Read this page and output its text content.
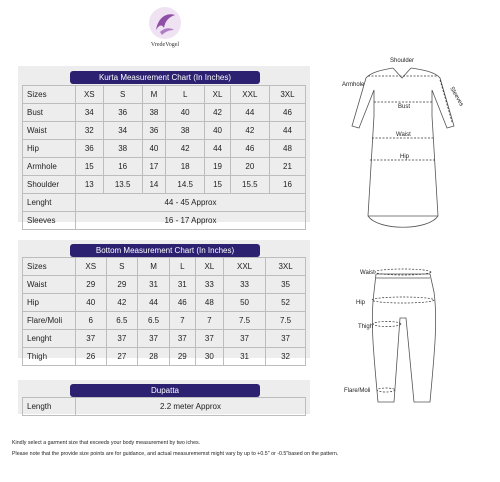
VredeVogel
Kurta Measurement Chart (In Inches)
Sizes	XS	S	M	L	XL	XXL	3XL
Bust	34	36	38	40	42	44	46
Waist	32	34	36	38	40	42	44
Hip	36	38	40	42	44	46	48
Armhole	15	16	17	18	19	20	21
Shoulder	13	13.5	14	14.5	15	15.5	16
Lenght	44 - 45 Approx						
Sleeves	16 - 17 Approx						
Bottom Measurement Chart (In Inches)
Sizes	XS	S	M	L	XL	XXL	3XL
Waist	29	29	31	31	33	33	35
Hip	40	42	44	46	48	50	52
Flare/Moli	6	6.5	6.5	7	7	7.5	7.5
Lenght	37	37	37	37	37	37	37
Thigh	26	27	28	29	30	31	32
Dupatta
Length	2.2 meter Approx
Shoulder
Armhole
Sleeves
Bust
Waist
Hip
Waist
Hip
Thigh
Flare/Moli
Kindly select a garment size that exceeds your body measurement by two iches.
Please note that the provide size points are for guidance, and actual measurememst might vary by up to +0.5" or -0.5"based on the pattern.
